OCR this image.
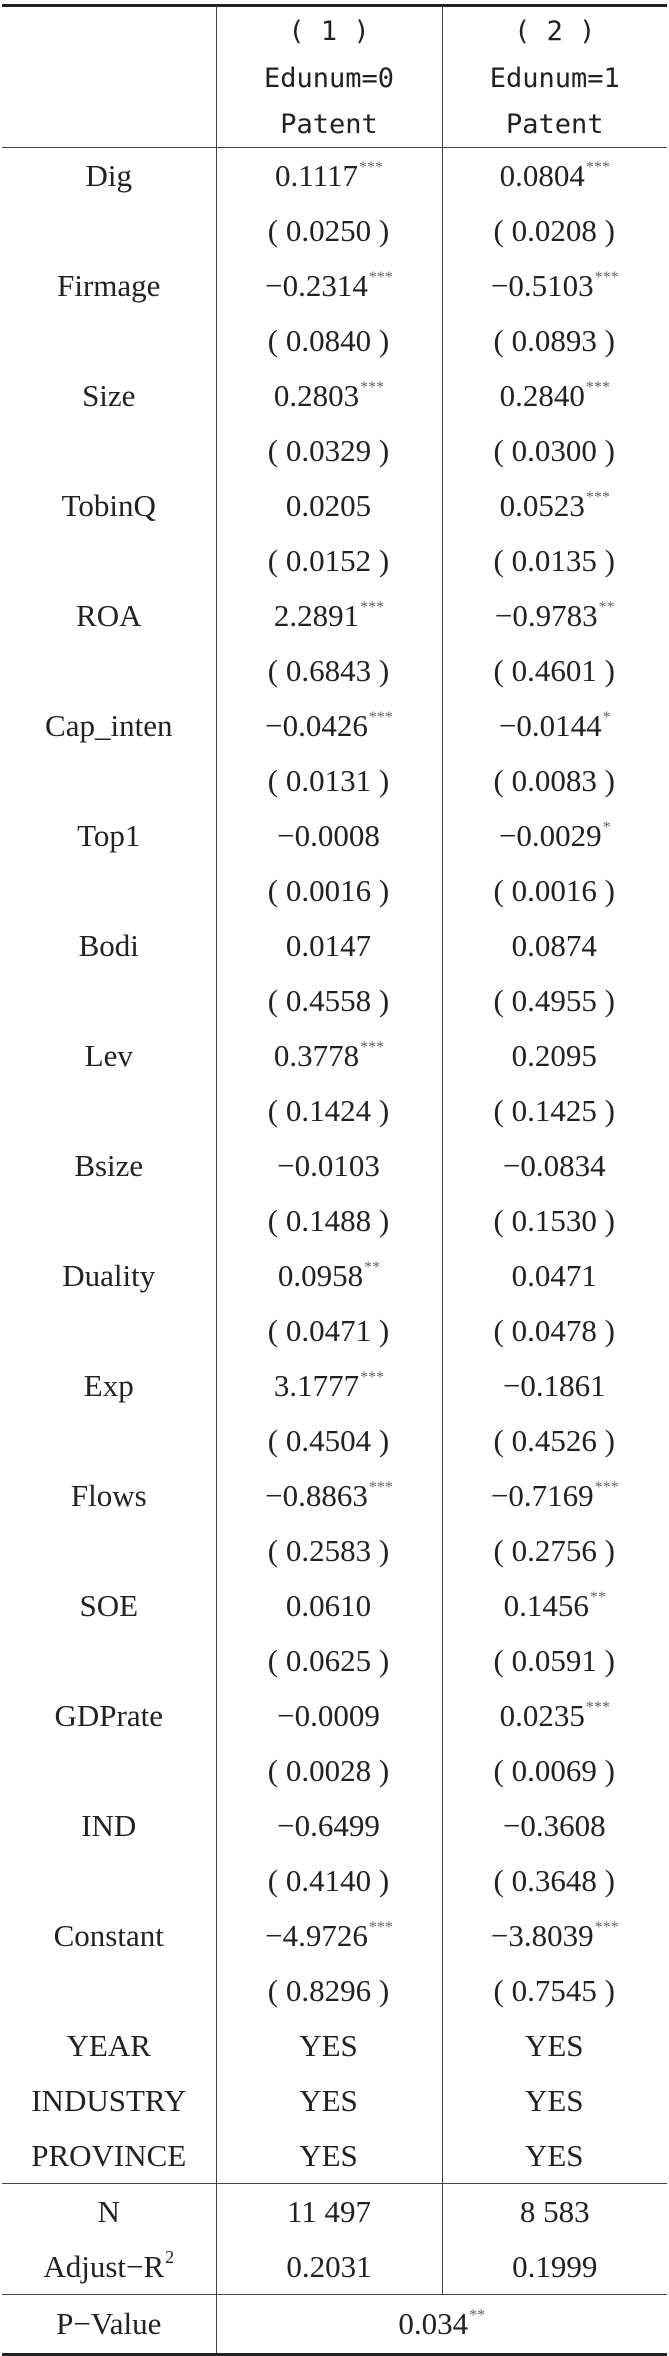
	( 1 )	( 2 )
	Edunum=0	Edunum=1
	Patent	Patent
Dig	0.1117***	0.0804***
	( 0.0250 )	( 0.0208 )
Firmage	−0.2314***	−0.5103***
	( 0.0840 )	( 0.0893 )
Size	0.2803***	0.2840***
	( 0.0329 )	( 0.0300 )
TobinQ	0.0205	0.0523***
	( 0.0152 )	( 0.0135 )
ROA	2.2891***	−0.9783**
	( 0.6843 )	( 0.4601 )
Cap_inten	−0.0426***	−0.0144*
	( 0.0131 )	( 0.0083 )
Top1	−0.0008	−0.0029*
	( 0.0016 )	( 0.0016 )
Bodi	0.0147	0.0874
	( 0.4558 )	( 0.4955 )
Lev	0.3778***	0.2095
	( 0.1424 )	( 0.1425 )
Bsize	−0.0103	−0.0834
	( 0.1488 )	( 0.1530 )
Duality	0.0958**	0.0471
	( 0.0471 )	( 0.0478 )
Exp	3.1777***	−0.1861
	( 0.4504 )	( 0.4526 )
Flows	−0.8863***	−0.7169***
	( 0.2583 )	( 0.2756 )
SOE	0.0610	0.1456**
	( 0.0625 )	( 0.0591 )
GDPrate	−0.0009	0.0235***
	( 0.0028 )	( 0.0069 )
IND	−0.6499	−0.3608
	( 0.4140 )	( 0.3648 )
Constant	−4.9726***	−3.8039***
	( 0.8296 )	( 0.7545 )
YEAR	YES	YES
INDUSTRY	YES	YES
PROVINCE	YES	YES
N	11 497	8 583
$Adjust-R^2$	0.2031	0.1999
P−Value	0.034**
